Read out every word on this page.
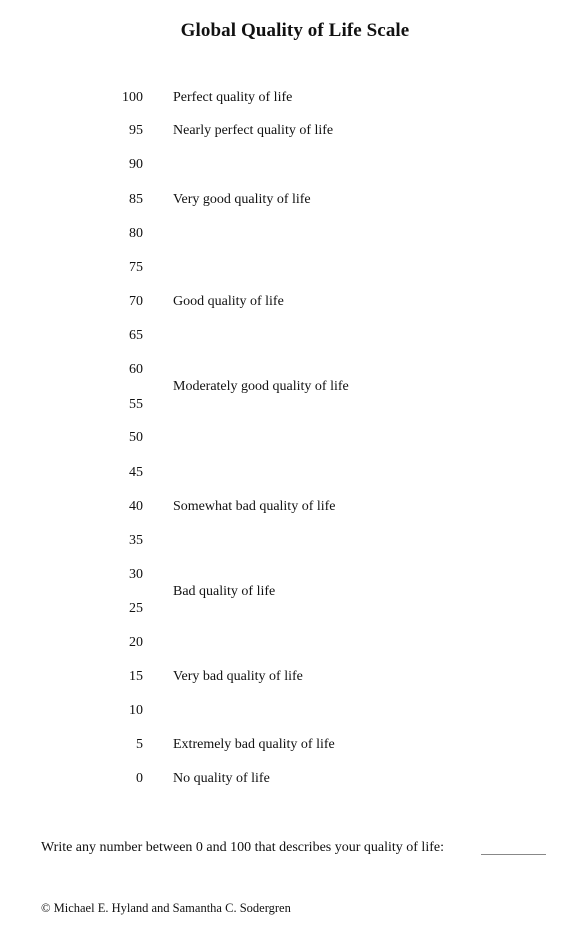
Global Quality of Life Scale
100 Perfect quality of life
95 Nearly perfect quality of life
90
85 Very good quality of life
80
75
70 Good quality of life
65
60
55
50
45
40 Somewhat bad quality of life
35
30
25
20
15 Very bad quality of life
10
5 Extremely bad quality of life
0 No quality of life
Moderately good quality of life
Bad quality of life
Write any number between 0 and 100 that describes your quality of life:
© Michael E. Hyland and Samantha C. Sodergren
